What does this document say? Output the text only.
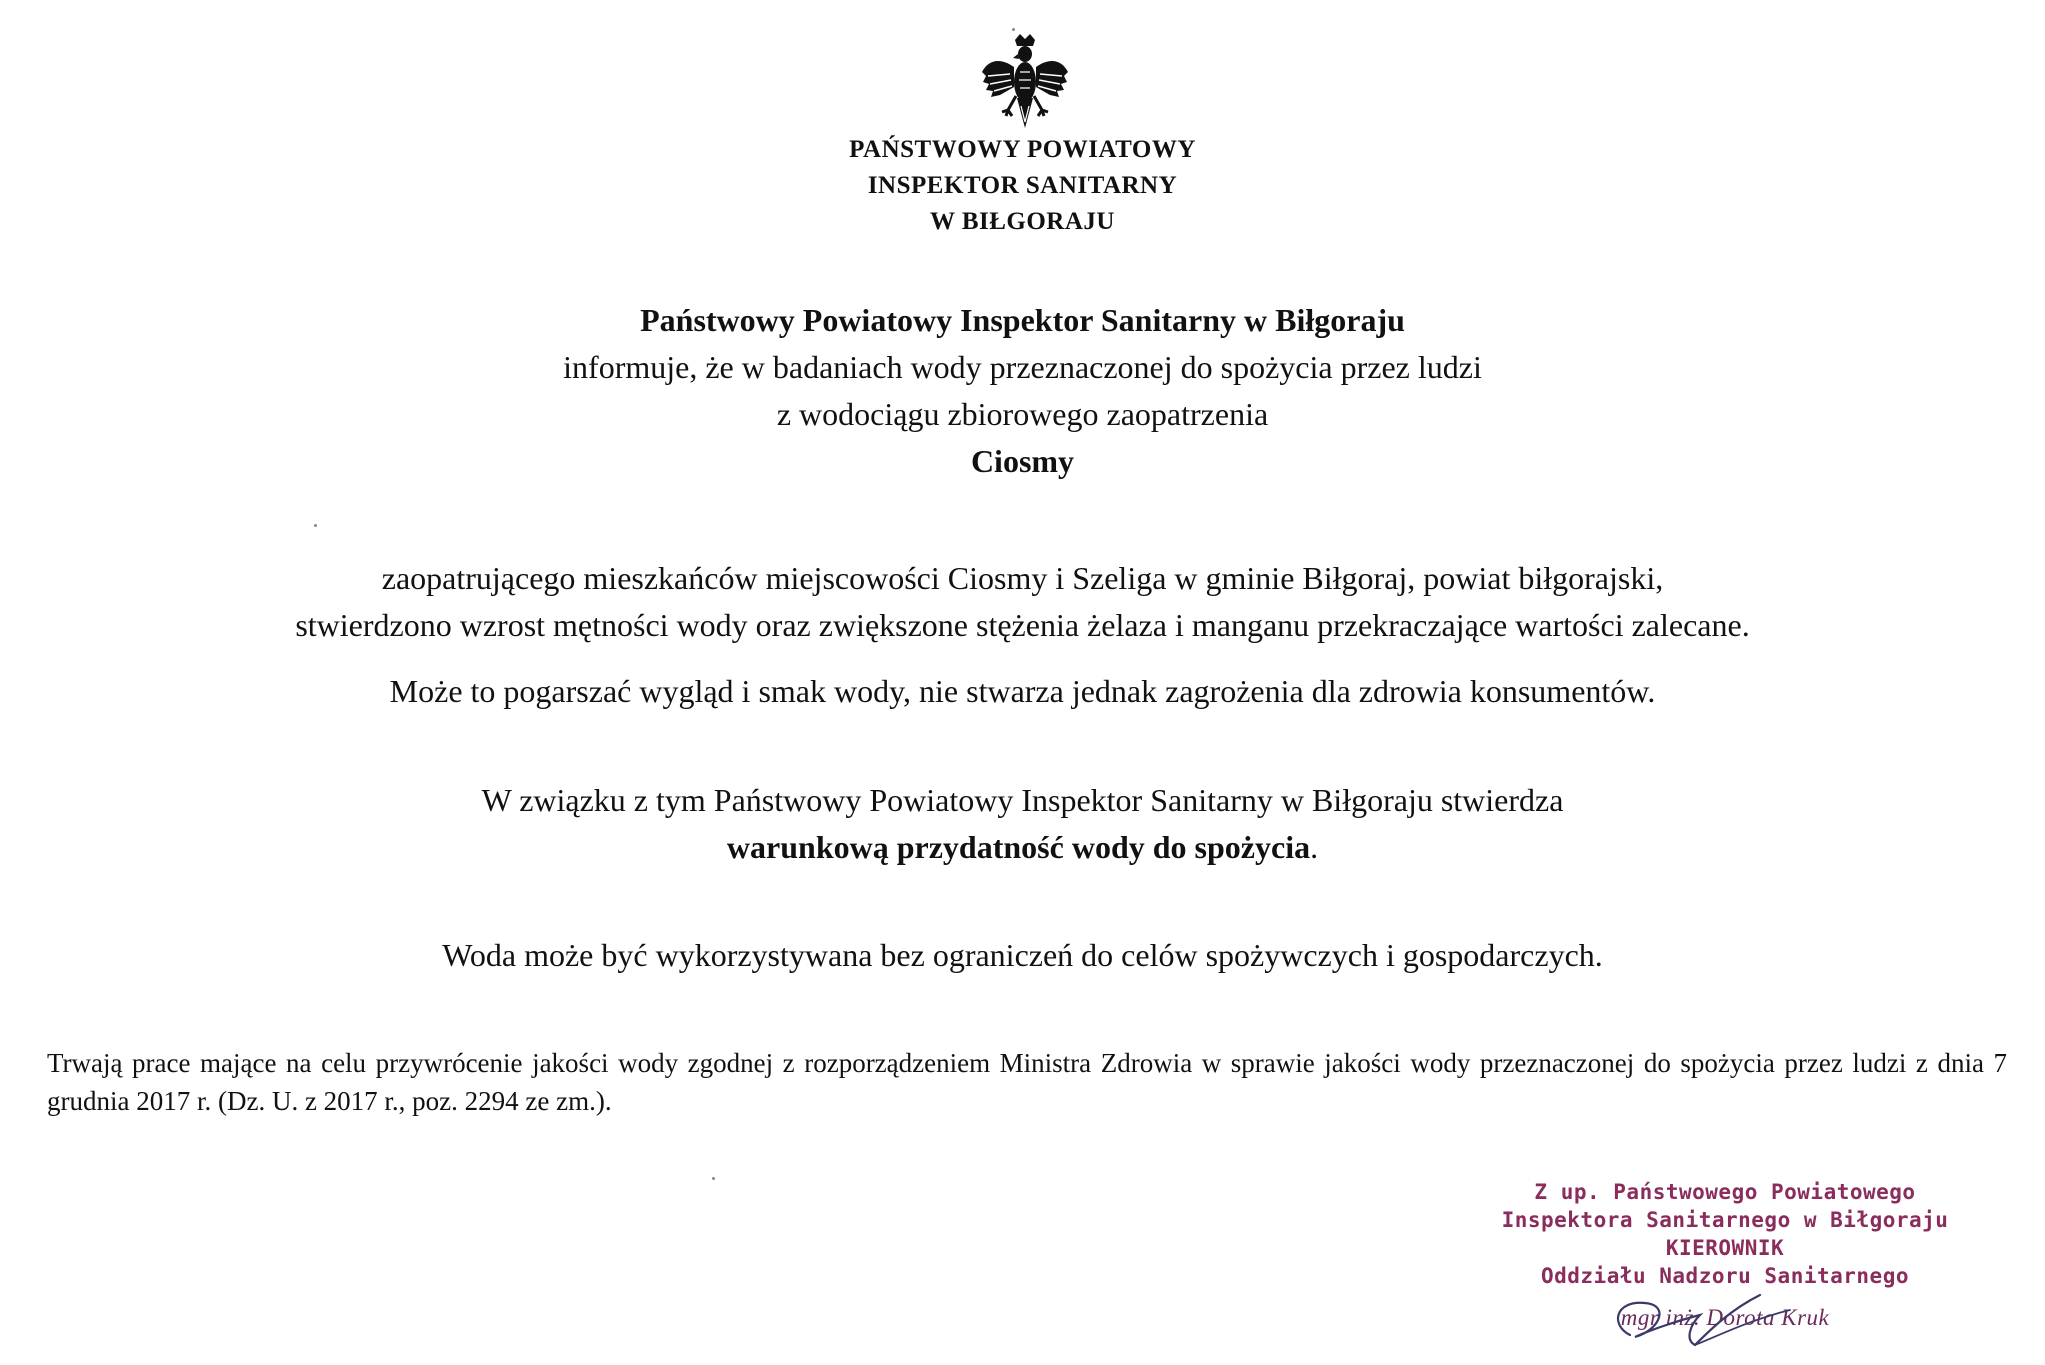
PAŃSTWOWY POWIATOWY
INSPEKTOR SANITARNY
W BIŁGORAJU
Państwowy Powiatowy Inspektor Sanitarny w Biłgoraju
informuje, że w badaniach wody przeznaczonej do spożycia przez ludzi
z wodociągu zbiorowego zaopatrzenia
Ciosmy
zaopatrującego mieszkańców miejscowości Ciosmy i Szeliga w gminie Biłgoraj, powiat biłgorajski,
stwierdzono wzrost mętności wody oraz zwiększone stężenia żelaza i manganu przekraczające wartości zalecane.
Może to pogarszać wygląd i smak wody, nie stwarza jednak zagrożenia dla zdrowia konsumentów.
W związku z tym Państwowy Powiatowy Inspektor Sanitarny w Biłgoraju stwierdza
warunkową przydatność wody do spożycia.
Woda może być wykorzystywana bez ograniczeń do celów spożywczych i gospodarczych.
Trwają prace mające na celu przywrócenie jakości wody zgodnej z rozporządzeniem Ministra Zdrowia w sprawie jakości wody przeznaczonej do spożycia przez ludzi z dnia 7 grudnia 2017 r. (Dz. U. z 2017 r., poz. 2294 ze zm.).
Z up. Państwowego Powiatowego
Inspektora Sanitarnego w Biłgoraju
KIEROWNIK
Oddziału Nadzoru Sanitarnego
mgr inż. Dorota Kruk
